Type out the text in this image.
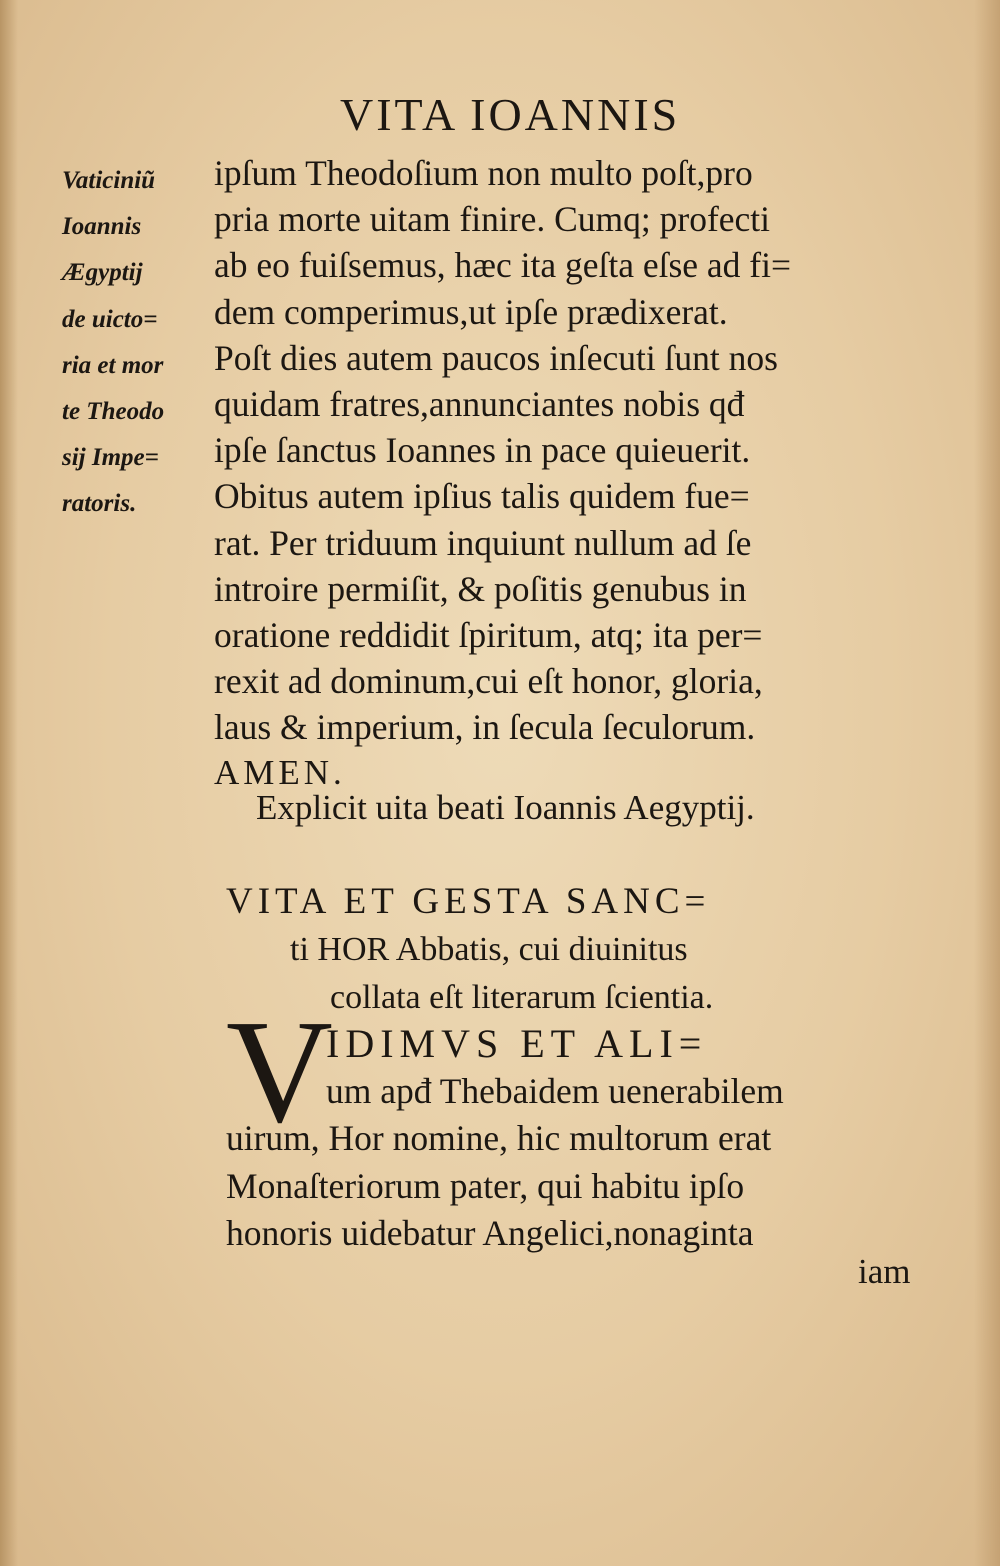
VITA IOANNIS
Vaticiniũ
Ioannis
Ægyptij
de uicto=
ria et mor
te Theodo
sij Impe=
ratoris.
ipſum Theodoſium non multo poſt,pro
pria morte uitam finire. Cumq; profecti
ab eo fuiſsemus, hæc ita geſta eſse ad fi=
dem comperimus,ut ipſe prædixerat.
Poſt dies autem paucos inſecuti ſunt nos
quidam fratres,annunciantes nobis qđ
ipſe ſanctus Ioannes in pace quieuerit.
Obitus autem ipſius talis quidem fue=
rat. Per triduum inquiunt nullum ad ſe
introire permiſit, & poſitis genubus in
oratione reddidit ſpiritum, atq; ita per=
rexit ad dominum,cui eſt honor, gloria,
laus & imperium, in ſecula ſeculorum.
AMEN.
Explicit uita beati Ioannis Aegyptij.
VITA ET GESTA SANC=
ti HOR Abbatis, cui diuinitus
collata eſt literarum ſcientia.
V
IDIMVS ET ALI=
um apđ Thebaidem uenerabilem
uirum, Hor nomine, hic multorum erat
Monaſteriorum pater, qui habitu ipſo
honoris uidebatur Angelici,nonaginta
iam
